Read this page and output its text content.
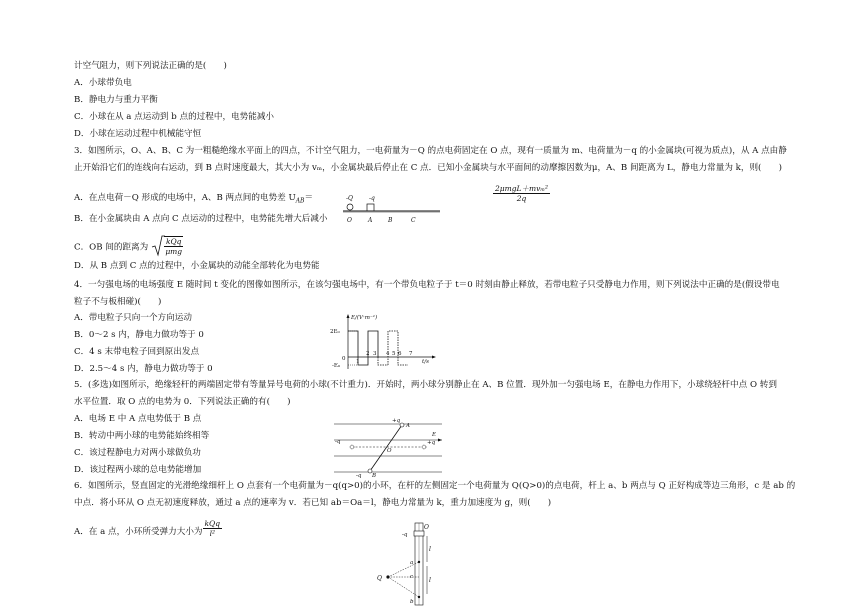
计空气阻力，则下列说法正确的是(　　)
A．小球带负电
B．静电力与重力平衡
C．小球在从 a 点运动到 b 点的过程中，电势能减小
D．小球在运动过程中机械能守恒
3．如图所示，O、A、B、C 为一粗糙绝缘水平面上的四点，不计空气阻力，一电荷量为－Q 的点电荷固定在 O 点，现有一质量为 m、电荷量为－q 的小金属块(可视为质点)，从 A 点由静
止开始沿它们的连线向右运动，到 B 点时速度最大，其大小为 vₘ，小金属块最后停止在 C 点．已知小金属块与水平面间的动摩擦因数为μ，A、B 间距离为 L，静电力常量为 k，则(　　)
A．在点电荷－Q 形成的电场中，A、B 两点间的电势差 $U_{AB}=$	$\frac{\text{2μmgL＋mvₘ²}}{2q}$
B．在小金属块由 A 点向 C 点运动的过程中，电势能先增大后减小
C．OB 间的距离为 $\frac{\text{kQq}}{\text{μmg}}$
D．从 B 点到 C 点的过程中，小金属块的动能全部转化为电势能
-Q	-q
O	A	B	C
4．一匀强电场的电场强度 E 随时间 t 变化的图像如图所示，在该匀强电场中，有一个带负电粒子于 t＝0 时刻由静止释放，若带电粒子只受静电力作用，则下列说法中正确的是(假设带电
粒子不与板相碰)(　　)
A．带电粒子只向一个方向运动
B．0～2 s 内，静电力做功等于 0
C．4 s 末带电粒子回到原出发点
D．2.5～4 s 内，静电力做功等于 0
E/(V·m⁻¹)
2E₀
-E₀
0 1
2 3 4 5 6 7
t/s
5．(多选)如图所示，绝缘轻杆的两端固定带有等量异号电荷的小球(不计重力)．开始时，两小球分别静止在 A、B 位置．现外加一匀强电场 E，在静电力作用下，小球绕轻杆中点 O 转到
水平位置．取 O 点的电势为 0．下列说法正确的有(　　)
A．电场 E 中 A 点电势低于 B 点
B．转动中两小球的电势能始终相等
C．该过程静电力对两小球做负功
D．该过程两小球的总电势能增加
+q
A
E
-q	+q
O
-q B
6．如图所示，竖直固定的光滑绝缘细杆上 O 点套有一个电荷量为－q(q>0)的小环，在杆的左侧固定一个电荷量为 Q(Q>0)的点电荷，杆上 a、b 两点与 Q 正好构成等边三角形，c 是 ab 的
中点．将小环从 O 点无初速度释放，通过 a 点的速率为 v．若已知 ab＝Oa＝l，静电力常量为 k，重力加速度为 g，则(　　)
A．在 a 点，小环所受弹力大小为 $\frac{\text{kQq}}{\text{l²}}$	O
-q
l
a
c	l
b
Q
